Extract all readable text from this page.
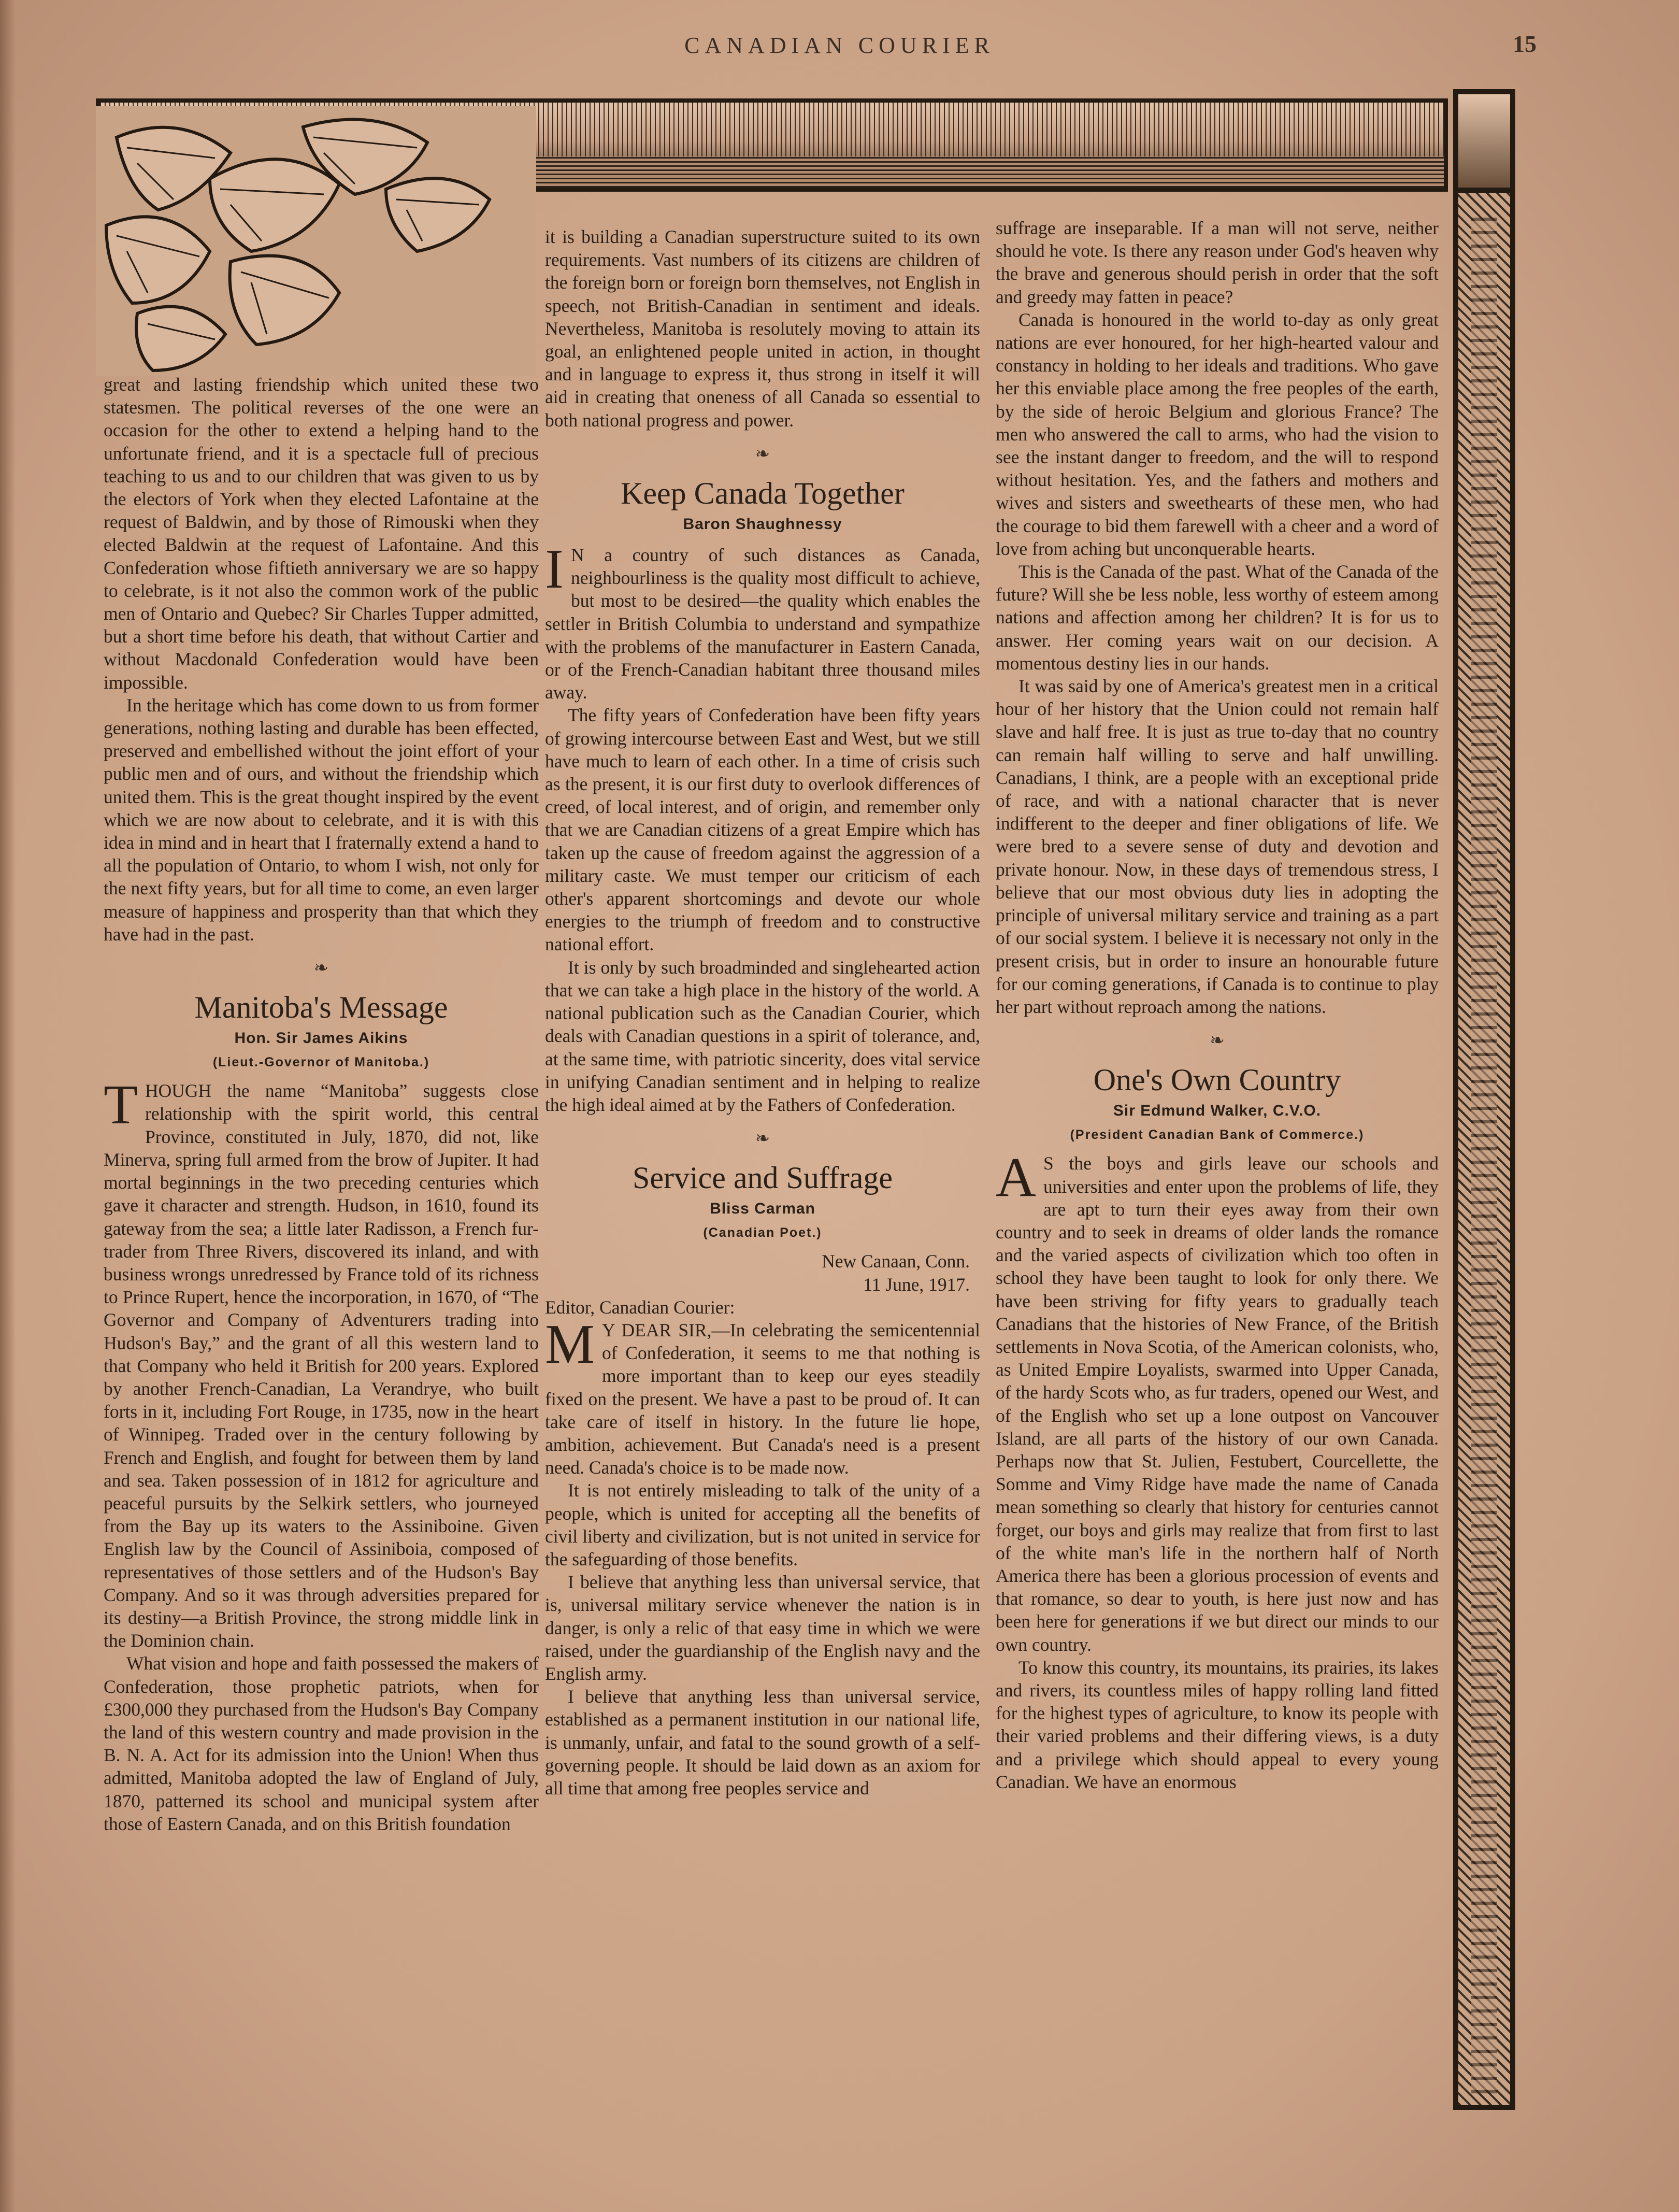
CANADIAN COURIER	15

great and lasting friendship which united these two statesmen. The political reverses of the one were an occasion for the other to extend a helping hand to the unfortunate friend, and it is a spectacle full of precious teaching to us and to our children that was given to us by the electors of York when they elected Lafontaine at the request of Baldwin, and by those of Rimouski when they elected Baldwin at the request of Lafontaine. And this Confederation whose fiftieth anniversary we are so happy to celebrate, is it not also the common work of the public men of Ontario and Quebec? Sir Charles Tupper admitted, but a short time before his death, that without Cartier and without Macdonald Confederation would have been impossible.

In the heritage which has come down to us from former generations, nothing lasting and durable has been effected, preserved and embellished without the joint effort of your public men and of ours, and without the friendship which united them. This is the great thought inspired by the event which we are now about to celebrate, and it is with this idea in mind and in heart that I fraternally extend a hand to all the population of Ontario, to whom I wish, not only for the next fifty years, but for all time to come, an even larger measure of happiness and prosperity than that which they have had in the past.

❧
Manitoba's Message
Hon. Sir James Aikins
(Lieut.-Governor of Manitoba.)

THOUGH the name “Manitoba” suggests close relationship with the spirit world, this central Province, constituted in July, 1870, did not, like Minerva, spring full armed from the brow of Jupiter. It had mortal beginnings in the two preceding centuries which gave it character and strength. Hudson, in 1610, found its gateway from the sea; a little later Radisson, a French fur-trader from Three Rivers, discovered its inland, and with business wrongs unredressed by France told of its richness to Prince Rupert, hence the incorporation, in 1670, of “The Governor and Company of Adventurers trading into Hudson's Bay,” and the grant of all this western land to that Company who held it British for 200 years. Explored by another French-Canadian, La Verandrye, who built forts in it, including Fort Rouge, in 1735, now in the heart of Winnipeg. Traded over in the century following by French and English, and fought for between them by land and sea. Taken possession of in 1812 for agriculture and peaceful pursuits by the Selkirk settlers, who journeyed from the Bay up its waters to the Assiniboine. Given English law by the Council of Assiniboia, composed of representatives of those settlers and of the Hudson's Bay Company. And so it was through adversities prepared for its destiny—a British Province, the strong middle link in the Dominion chain.

What vision and hope and faith possessed the makers of Confederation, those prophetic patriots, when for £300,000 they purchased from the Hudson's Bay Company the land of this western country and made provision in the B. N. A. Act for its admission into the Union! When thus admitted, Manitoba adopted the law of England of July, 1870, patterned its school and municipal system after those of Eastern Canada, and on this British foundation

it is building a Canadian superstructure suited to its own requirements. Vast numbers of its citizens are children of the foreign born or foreign born themselves, not English in speech, not British-Canadian in sentiment and ideals. Nevertheless, Manitoba is resolutely moving to attain its goal, an enlightened people united in action, in thought and in language to express it, thus strong in itself it will aid in creating that oneness of all Canada so essential to both national progress and power.

❧
Keep Canada Together
Baron Shaughnessy

I N a country of such distances as Canada, neighbourliness is the quality most difficult to achieve, but most to be desired—the quality which enables the settler in British Columbia to understand and sympathize with the problems of the manufacturer in Eastern Canada, or of the French-Canadian habitant three thousand miles away.

The fifty years of Confederation have been fifty years of growing intercourse between East and West, but we still have much to learn of each other. In a time of crisis such as the present, it is our first duty to overlook differences of creed, of local interest, and of origin, and remember only that we are Canadian citizens of a great Empire which has taken up the cause of freedom against the aggression of a military caste. We must temper our criticism of each other's apparent shortcomings and devote our whole energies to the triumph of freedom and to constructive national effort.

It is only by such broadminded and singlehearted action that we can take a high place in the history of the world. A national publication such as the Canadian Courier, which deals with Canadian questions in a spirit of tolerance, and, at the same time, with patriotic sincerity, does vital service in unifying Canadian sentiment and in helping to realize the high ideal aimed at by the Fathers of Confederation.

❧
Service and Suffrage
Bliss Carman
(Canadian Poet.)
New Canaan, Conn.
11 June, 1917.

Editor, Canadian Courier:

M Y DEAR SIR,—In celebrating the semicentennial of Confederation, it seems to me that nothing is more important than to keep our eyes steadily fixed on the present. We have a past to be proud of. It can take care of itself in history. In the future lie hope, ambition, achievement. But Canada's need is a present need. Canada's choice is to be made now.

It is not entirely misleading to talk of the unity of a people, which is united for accepting all the benefits of civil liberty and civilization, but is not united in service for the safeguarding of those benefits.

I believe that anything less than universal service, that is, universal military service whenever the nation is in danger, is only a relic of that easy time in which we were raised, under the guardianship of the English navy and the English army.

I believe that anything less than universal service, established as a permanent institution in our national life, is unmanly, unfair, and fatal to the sound growth of a self-governing people. It should be laid down as an axiom for all time that among free peoples service and

suffrage are inseparable. If a man will not serve, neither should he vote. Is there any reason under God's heaven why the brave and generous should perish in order that the soft and greedy may fatten in peace?

Canada is honoured in the world to-day as only great nations are ever honoured, for her high-hearted valour and constancy in holding to her ideals and traditions. Who gave her this enviable place among the free peoples of the earth, by the side of heroic Belgium and glorious France? The men who answered the call to arms, who had the vision to see the instant danger to freedom, and the will to respond without hesitation. Yes, and the fathers and mothers and wives and sisters and sweethearts of these men, who had the courage to bid them farewell with a cheer and a word of love from aching but unconquerable hearts.

This is the Canada of the past. What of the Canada of the future? Will she be less noble, less worthy of esteem among nations and affection among her children? It is for us to answer. Her coming years wait on our decision. A momentous destiny lies in our hands.

It was said by one of America's greatest men in a critical hour of her history that the Union could not remain half slave and half free. It is just as true to-day that no country can remain half willing to serve and half unwilling. Canadians, I think, are a people with an exceptional pride of race, and with a national character that is never indifferent to the deeper and finer obligations of life. We were bred to a severe sense of duty and devotion and private honour. Now, in these days of tremendous stress, I believe that our most obvious duty lies in adopting the principle of universal military service and training as a part of our social system. I believe it is necessary not only in the present crisis, but in order to insure an honourable future for our coming generations, if Canada is to continue to play her part without reproach among the nations.

❧
One's Own Country
Sir Edmund Walker, C.V.O.
(President Canadian Bank of Commerce.)

A S the boys and girls leave our schools and universities and enter upon the problems of life, they are apt to turn their eyes away from their own country and to seek in dreams of older lands the romance and the varied aspects of civilization which too often in school they have been taught to look for only there. We have been striving for fifty years to gradually teach Canadians that the histories of New France, of the British settlements in Nova Scotia, of the American colonists, who, as United Empire Loyalists, swarmed into Upper Canada, of the hardy Scots who, as fur traders, opened our West, and of the English who set up a lone outpost on Vancouver Island, are all parts of the history of our own Canada. Perhaps now that St. Julien, Festubert, Courcellette, the Somme and Vimy Ridge have made the name of Canada mean something so clearly that history for centuries cannot forget, our boys and girls may realize that from first to last of the white man's life in the northern half of North America there has been a glorious procession of events and that romance, so dear to youth, is here just now and has been here for generations if we but direct our minds to our own country.

To know this country, its mountains, its prairies, its lakes and rivers, its countless miles of happy rolling land fitted for the highest types of agriculture, to know its people with their varied problems and their differing views, is a duty and a privilege which should appeal to every young Canadian. We have an enormous
